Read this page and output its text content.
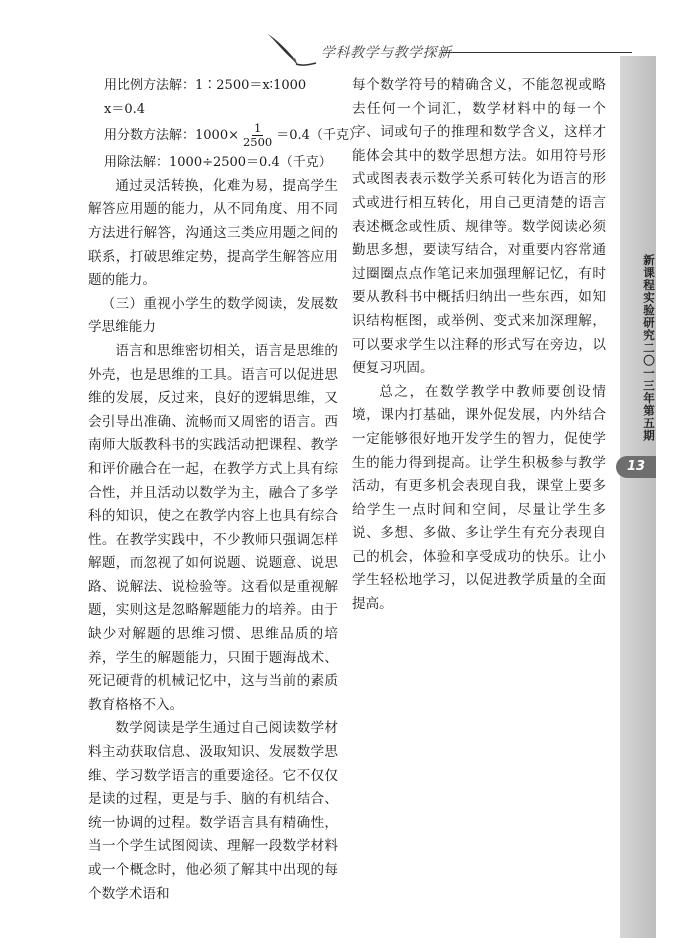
学科教学与教学探新
用比例方法解：1∶2500＝x∶1000
x＝0.4
用分数方法解：$1000\times \frac{1}{2500} =0.4$（千克）
用除法解：1000÷2500＝0.4（千克）

通过灵活转换，化难为易，提高学生解答应用题的能力，从不同角度、用不同方法进行解答，沟通这三类应用题之间的联系，打破思维定势，提高学生解答应用题的能力。

（三）重视小学生的数学阅读，发展数学思维能力

语言和思维密切相关，语言是思维的外壳，也是思维的工具。语言可以促进思维的发展，反过来，良好的逻辑思维，又会引导出准确、流畅而又周密的语言。西南师大版教科书的实践活动把课程、教学和评价融合在一起，在教学方式上具有综合性，并且活动以数学为主，融合了多学科的知识，使之在教学内容上也具有综合性。在教学实践中，不少教师只强调怎样解题，而忽视了如何说题、说题意、说思路、说解法、说检验等。这看似是重视解题，实则这是忽略解题能力的培养。由于缺少对解题的思维习惯、思维品质的培养，学生的解题能力，只囿于题海战术、死记硬背的机械记忆中，这与当前的素质教育格格不入。

数学阅读是学生通过自己阅读数学材料主动获取信息、汲取知识、发展数学思维、学习数学语言的重要途径。它不仅仅是读的过程，更是与手、脑的有机结合、统一协调的过程。数学语言具有精确性，当一个学生试图阅读、理解一段数学材料或一个概念时，他必须了解其中出现的每个数学术语和

每个数学符号的精确含义，不能忽视或略去任何一个词汇，数学材料中的每一个字、词或句子的推理和数学含义，这样才能体会其中的数学思想方法。如用符号形式或图表表示数学关系可转化为语言的形式或进行相互转化，用自己更清楚的语言表述概念或性质、规律等。数学阅读必须勤思多想，要读写结合，对重要内容常通过圈圈点点作笔记来加强理解记忆，有时要从教科书中概括归纳出一些东西，如知识结构框图，或举例、变式来加深理解，可以要求学生以注释的形式写在旁边，以便复习巩固。

总之，在数学教学中教师要创设情境，课内打基础，课外促发展，内外结合一定能够很好地开发学生的智力，促使学生的能力得到提高。让学生积极参与教学活动，有更多机会表现自我，课堂上要多给学生一点时间和空间，尽量让学生多说、多想、多做、多让学生有充分表现自己的机会，体验和享受成功的快乐。让小学生轻松地学习，以促进教学质量的全面提高。

新课程实验研究
二〇一三年第五期
13
